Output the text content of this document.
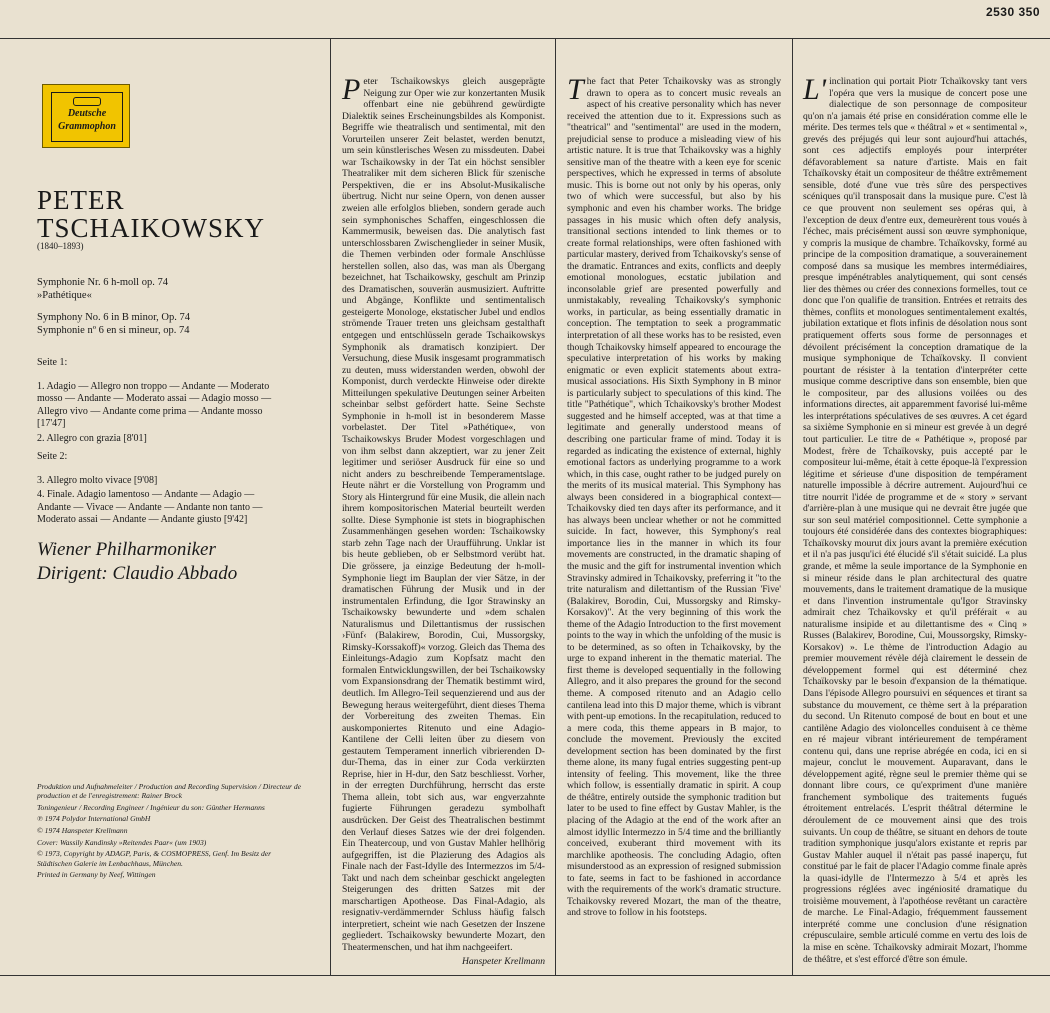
2530 350
Deutsche
Grammophon
PETER
TSCHAIKOWSKY
(1840–1893)
Symphonie Nr. 6 h-moll op. 74
»Pathétique«
Symphony No. 6 in B minor, Op. 74
Symphonie nº 6 en si mineur, op. 74
Seite 1:
1. Adagio — Allegro non troppo — Andante — Moderato mosso — Andante — Moderato assai — Adagio mosso — Allegro vivo — Andante come prima — Andante mosso [17'47]
2. Allegro con grazia [8'01]
Seite 2:
3. Allegro molto vivace [9'08]
4. Finale. Adagio lamentoso — Andante — Adagio — Andante — Vivace — Andante — Andante non tanto — Moderato assai — Andante — Andante giusto [9'42]
Wiener Philharmoniker
Dirigent: Claudio Abbado

Produktion und Aufnahmeleiter / Production and Recording Supervision / Directeur de production et de l'enregistrement: Rainer Brock

Toningenieur / Recording Engineer / Ingénieur du son: Günther Hermanns

℗ 1974 Polydor International GmbH

© 1974 Hanspeter Krellmann

Cover: Wassily Kandinsky »Reitendes Paar« (um 1903)

© 1973, Copyright by ADAGP, Paris, & COSMOPRESS, Genf. Im Besitz der Städtischen Galerie im Lenbachhaus, München.

Printed in Germany by Neef, Wittingen

Peter Tschaikowskys gleich ausgeprägte Neigung zur Oper wie zur konzertanten Musik offenbart eine nie gebührend gewürdigte Dialektik seines Erscheinungsbildes als Komponist. Begriffe wie theatralisch und sentimental, mit den Vorurteilen unserer Zeit belastet, werden benutzt, um sein künstlerisches Wesen zu missdeuten. Dabei war Tschaikowsky in der Tat ein höchst sensibler Theatraliker mit dem sicheren Blick für szenische Perspektiven, die er ins Absolut-Musikalische übertrug. Nicht nur seine Opern, von denen ausser zweien alle erfolglos blieben, sondern gerade auch sein symphonisches Schaffen, eingeschlossen die Kammermusik, beweisen das. Die analytisch fast unterschlossbaren Zwischenglieder in seiner Musik, die Themen verbinden oder formale Anschlüsse herstellen sollen, also das, was man als Übergang bezeichnet, hat Tschaikowsky, geschult am Prinzip des Dramatischen, souverän ausmusiziert. Auftritte und Abgänge, Konflikte und sentimentalisch gesteigerte Monologe, ekstatischer Jubel und endlos strömende Trauer treten uns gleichsam gestalthaft entgegen und entschlüsseln gerade Tschaikowskys Symphonik als dramatisch konzipiert. Der Versuchung, diese Musik insgesamt programmatisch zu deuten, muss widerstanden werden, obwohl der Komponist, durch verdeckte Hinweise oder direkte Mitteilungen spekulative Deutungen seiner Arbeiten scheinbar selbst gefördert hatte. Seine Sechste Symphonie in h-moll ist in besonderem Masse vorbelastet. Der Titel »Pathétique«, von Tschaikowskys Bruder Modest vorgeschlagen und von ihm selbst dann akzeptiert, war zu jener Zeit legitimer und seriöser Ausdruck für eine so und nicht anders zu beschreibende Temperamentslage. Heute nährt er die Vorstellung von Programm und Story als Hintergrund für eine Musik, die allein nach ihrem kompositorischen Material beurteilt werden sollte. Diese Symphonie ist stets in biographischen Zusammenhängen gesehen worden: Tschaikowsky starb zehn Tage nach der Uraufführung. Unklar ist bis heute geblieben, ob er Selbstmord verübt hat. Die grössere, ja einzige Bedeutung der h-moll-Symphonie liegt im Bauplan der vier Sätze, in der dramatischen Führung der Musik und in der instrumentalen Erfindung, die Igor Strawinsky an Tschaikowsky bewunderte und »dem schalen Naturalismus und Dilettantismus der russischen ›Fünf‹ (Balakirew, Borodin, Cui, Mussorgsky, Rimsky-Korssakoff)« vorzog. Gleich das Thema des Einleitungs-Adagio zum Kopfsatz macht den formalen Entwicklungswillen, der bei Tschaikowsky vom Expansionsdrang der Thematik bestimmt wird, deutlich. Im Allegro-Teil sequenzierend und aus der Bewegung heraus weitergeführt, dient dieses Thema der Vorbereitung des zweiten Themas. Ein auskomponiertes Ritenuto und eine Adagio-Kantilene der Celli leiten über zu diesem von gestautem Temperament innerlich vibrierenden D-dur-Thema, das in einer zur Coda verkürzten Reprise, hier in H-dur, den Satz beschliesst. Vorher, in der erregten Durchführung, herrscht das erste Thema allein, tobt sich aus, war engverzahnte fugierte Führungen geradezu symbolhaft ausdrücken. Der Geist des Theatralischen bestimmt den Verlauf dieses Satzes wie der drei folgenden. Ein Theatercoup, und von Gustav Mahler hellhörig aufgegriffen, ist die Plazierung des Adagios als Finale nach der Fast-Idylle des Intermezzos im 5/4-Takt und nach dem scheinbar geschickt angelegten Steigerungen des dritten Satzes mit der marschartigen Apotheose. Das Final-Adagio, als resignativ-verdämmernder Schluss häufig falsch interpretiert, scheint wie nach Gesetzen der Inszene gegliedert. Tschaikowsky bewunderte Mozart, den Theatermenschen, und hat ihm nachgeeifert.

Hanspeter Krellmann

The fact that Peter Tchaikovsky was as strongly drawn to opera as to concert music reveals an aspect of his creative personality which has never received the attention due to it. Expressions such as "theatrical" and "sentimental" are used in the modern, prejudicial sense to produce a misleading view of his artistic nature. It is true that Tchaikovsky was a highly sensitive man of the theatre with a keen eye for scenic perspectives, which he expressed in terms of absolute music. This is borne out not only by his operas, only two of which were successful, but also by his symphonic and even his chamber works. The bridge passages in his music which often defy analysis, transitional sections intended to link themes or to create formal relationships, were often fashioned with particular mastery, derived from Tchaikovsky's sense of the dramatic. Entrances and exits, conflicts and deeply emotional monologues, ecstatic jubilation and inconsolable grief are presented powerfully and unmistakably, revealing Tchaikovsky's symphonic works, in particular, as being essentially dramatic in conception. The temptation to seek a programmatic interpretation of all these works has to be resisted, even though Tchaikovsky himself appeared to encourage the speculative interpretation of his works by making enigmatic or even explicit statements about extra-musical associations. His Sixth Symphony in B minor is particularly subject to speculations of this kind. The title "Pathétique", which Tchaikovsky's brother Modest suggested and he himself accepted, was at that time a legitimate and generally understood means of describing one particular frame of mind. Today it is regarded as indicating the existence of external, highly emotional factors as underlying programme to a work which, in this case, ought rather to be judged purely on the merits of its musical material. This Symphony has always been considered in a biographical context—Tchaikovsky died ten days after its performance, and it has always been unclear whether or not he committed suicide. In fact, however, this Symphony's real importance lies in the manner in which its four movements are constructed, in the dramatic shaping of the music and the gift for instrumental invention which Stravinsky admired in Tchaikovsky, preferring it "to the trite naturalism and dilettantism of the Russian 'Five' (Balakirev, Borodin, Cui, Mussorgsky and Rimsky-Korsakov)". At the very beginning of this work the theme of the Adagio Introduction to the first movement points to the way in which the unfolding of the music is to be determined, as so often in Tchaikovsky, by the urge to expand inherent in the thematic material. The first theme is developed sequentially in the following Allegro, and it also prepares the ground for the second theme. A composed ritenuto and an Adagio cello cantilena lead into this D major theme, which is vibrant with pent-up emotions. In the recapitulation, reduced to a mere coda, this theme appears in B major, to conclude the movement. Previously the excited development section has been dominated by the first theme alone, its many fugal entries suggesting pent-up intensity of feeling. This movement, like the three which follow, is essentially dramatic in spirit. A coup de théâtre, entirely outside the symphonic tradition but later to be used to fine effect by Gustav Mahler, is the placing of the Adagio at the end of the work after an almost idyllic Intermezzo in 5/4 time and the brilliantly conceived, exuberant third movement with its marchlike apotheosis. The concluding Adagio, often misunderstood as an expression of resigned submission to fate, seems in fact to be fashioned in accordance with the requirements of the work's dramatic structure. Tchaikovsky revered Mozart, the man of the theatre, and strove to follow in his footsteps.

L' inclination qui portait Piotr Tchaïkovsky tant vers l'opéra que vers la musique de concert pose une dialectique de son personnage de compositeur qu'on n'a jamais été prise en considération comme elle le mérite. Des termes tels que « théâtral » et « sentimental », grevés des préjugés qui leur sont aujourd'hui attachés, sont ces adjectifs employés pour interpréter défavorablement sa nature d'artiste. Mais en fait Tchaïkovsky était un compositeur de théâtre extrêmement sensible, doté d'une vue très sûre des perspectives scéniques qu'il transposait dans la musique pure. C'est là ce que prouvent non seulement ses opéras qui, à l'exception de deux d'entre eux, demeurèrent tous voués à l'échec, mais précisément aussi son œuvre symphonique, y compris la musique de chambre. Tchaïkovsky, formé au principe de la composition dramatique, a souverainement composé dans sa musique les membres intermédiaires, presque impénétrables analytiquement, qui sont censés lier des thèmes ou créer des connexions formelles, tout ce donc que l'on qualifie de transition. Entrées et retraits des thèmes, conflits et monologues sentimentalement exaltés, jubilation extatique et flots infinis de désolation nous sont pratiquement offerts sous forme de personnages et dévoilent précisément la conception dramatique de la musique symphonique de Tchaïkovsky. Il convient pourtant de résister à la tentation d'interpréter cette musique comme descriptive dans son ensemble, bien que le compositeur, par des allusions voilées ou des informations directes, ait apparemment favorisé lui-même les interprétations spéculatives de ses œuvres. A cet égard sa sixième Symphonie en si mineur est grevée à un degré tout particulier. Le titre de « Pathétique », proposé par Modest, frère de Tchaïkovsky, puis accepté par le compositeur lui-même, était à cette époque-là l'expression légitime et sérieuse d'une disposition de tempérament naturelle impossible à décrire autrement. Aujourd'hui ce titre nourrit l'idée de programme et de « story » servant d'arrière-plan à une musique qui ne devrait être jugée que sur son seul matériel compositionnel. Cette symphonie a toujours été considérée dans des contextes biographiques: Tchaïkovsky mourut dix jours avant la première exécution et il n'a pas jusqu'ici été élucidé s'il s'était suicidé. La plus grande, et même la seule importance de la Symphonie en si mineur réside dans le plan architectural des quatre mouvements, dans le traitement dramatique de la musique et dans l'invention instrumentale qu'Igor Stravinsky admirait chez Tchaïkovsky et qu'il préférait « au naturalisme insipide et au dilettantisme des « Cinq » Russes (Balakirev, Borodine, Cui, Moussorgsky, Rimsky-Korsakov) ». Le thème de l'introduction Adagio au premier mouvement révèle déjà clairement le dessein de développement formel qui est déterminé chez Tchaïkovsky par le besoin d'expansion de la thématique. Dans l'épisode Allegro poursuivi en séquences et tirant sa substance du mouvement, ce thème sert à la préparation du second. Un Ritenuto composé de bout en bout et une cantilène Adagio des violoncelles conduisent à ce thème en ré majeur vibrant intérieurement de tempérament contenu qui, dans une reprise abrégée en coda, ici en si majeur, conclut le mouvement. Auparavant, dans le développement agité, règne seul le premier thème qui se donnant libre cours, ce qu'expriment d'une manière franchement symbolique des traitements fugués étroitement entrelacés. L'esprit théâtral détermine le déroulement de ce mouvement ainsi que des trois suivants. Un coup de théâtre, se situant en dehors de toute tradition symphonique jusqu'alors existante et repris par Gustav Mahler auquel il n'était pas passé inaperçu, fut constitué par le fait de placer l'Adagio comme finale après la quasi-idylle de l'Intermezzo à 5/4 et après les progressions réglées avec ingéniosité dramatique du troisième mouvement, à l'apothéose revêtant un caractère de marche. Le Final-Adagio, fréquemment faussement interprété comme une conclusion d'une résignation crépusculaire, semble articulé comme en vertu des lois de la mise en scène. Tchaïkovsky admirait Mozart, l'homme de théâtre, et s'est efforcé d'être son émule.
